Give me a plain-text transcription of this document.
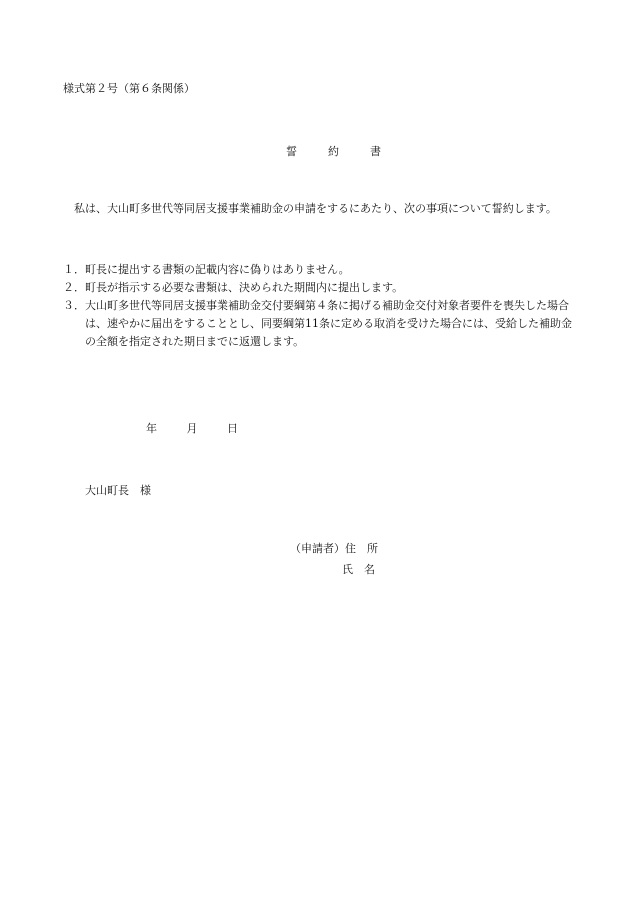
様式第２号（第６条関係）
誓　約　書
私は、大山町多世代等同居支援事業補助金の申請をするにあたり、次の事項について誓約します。
１． 町長に提出する書類の記載内容に偽りはありません。
２． 町長が指示する必要な書類は、決められた期間内に提出します。
３． 大山町多世代等同居支援事業補助金交付要綱第４条に掲げる補助金交付対象者要件を喪失した場合は、速やかに届出をすることとし、同要綱第11条に定める取消を受けた場合には、受給した補助金の全額を指定された期日までに返還します。
年	月	日
大山町長　様
（申請者）住　所
氏　名
